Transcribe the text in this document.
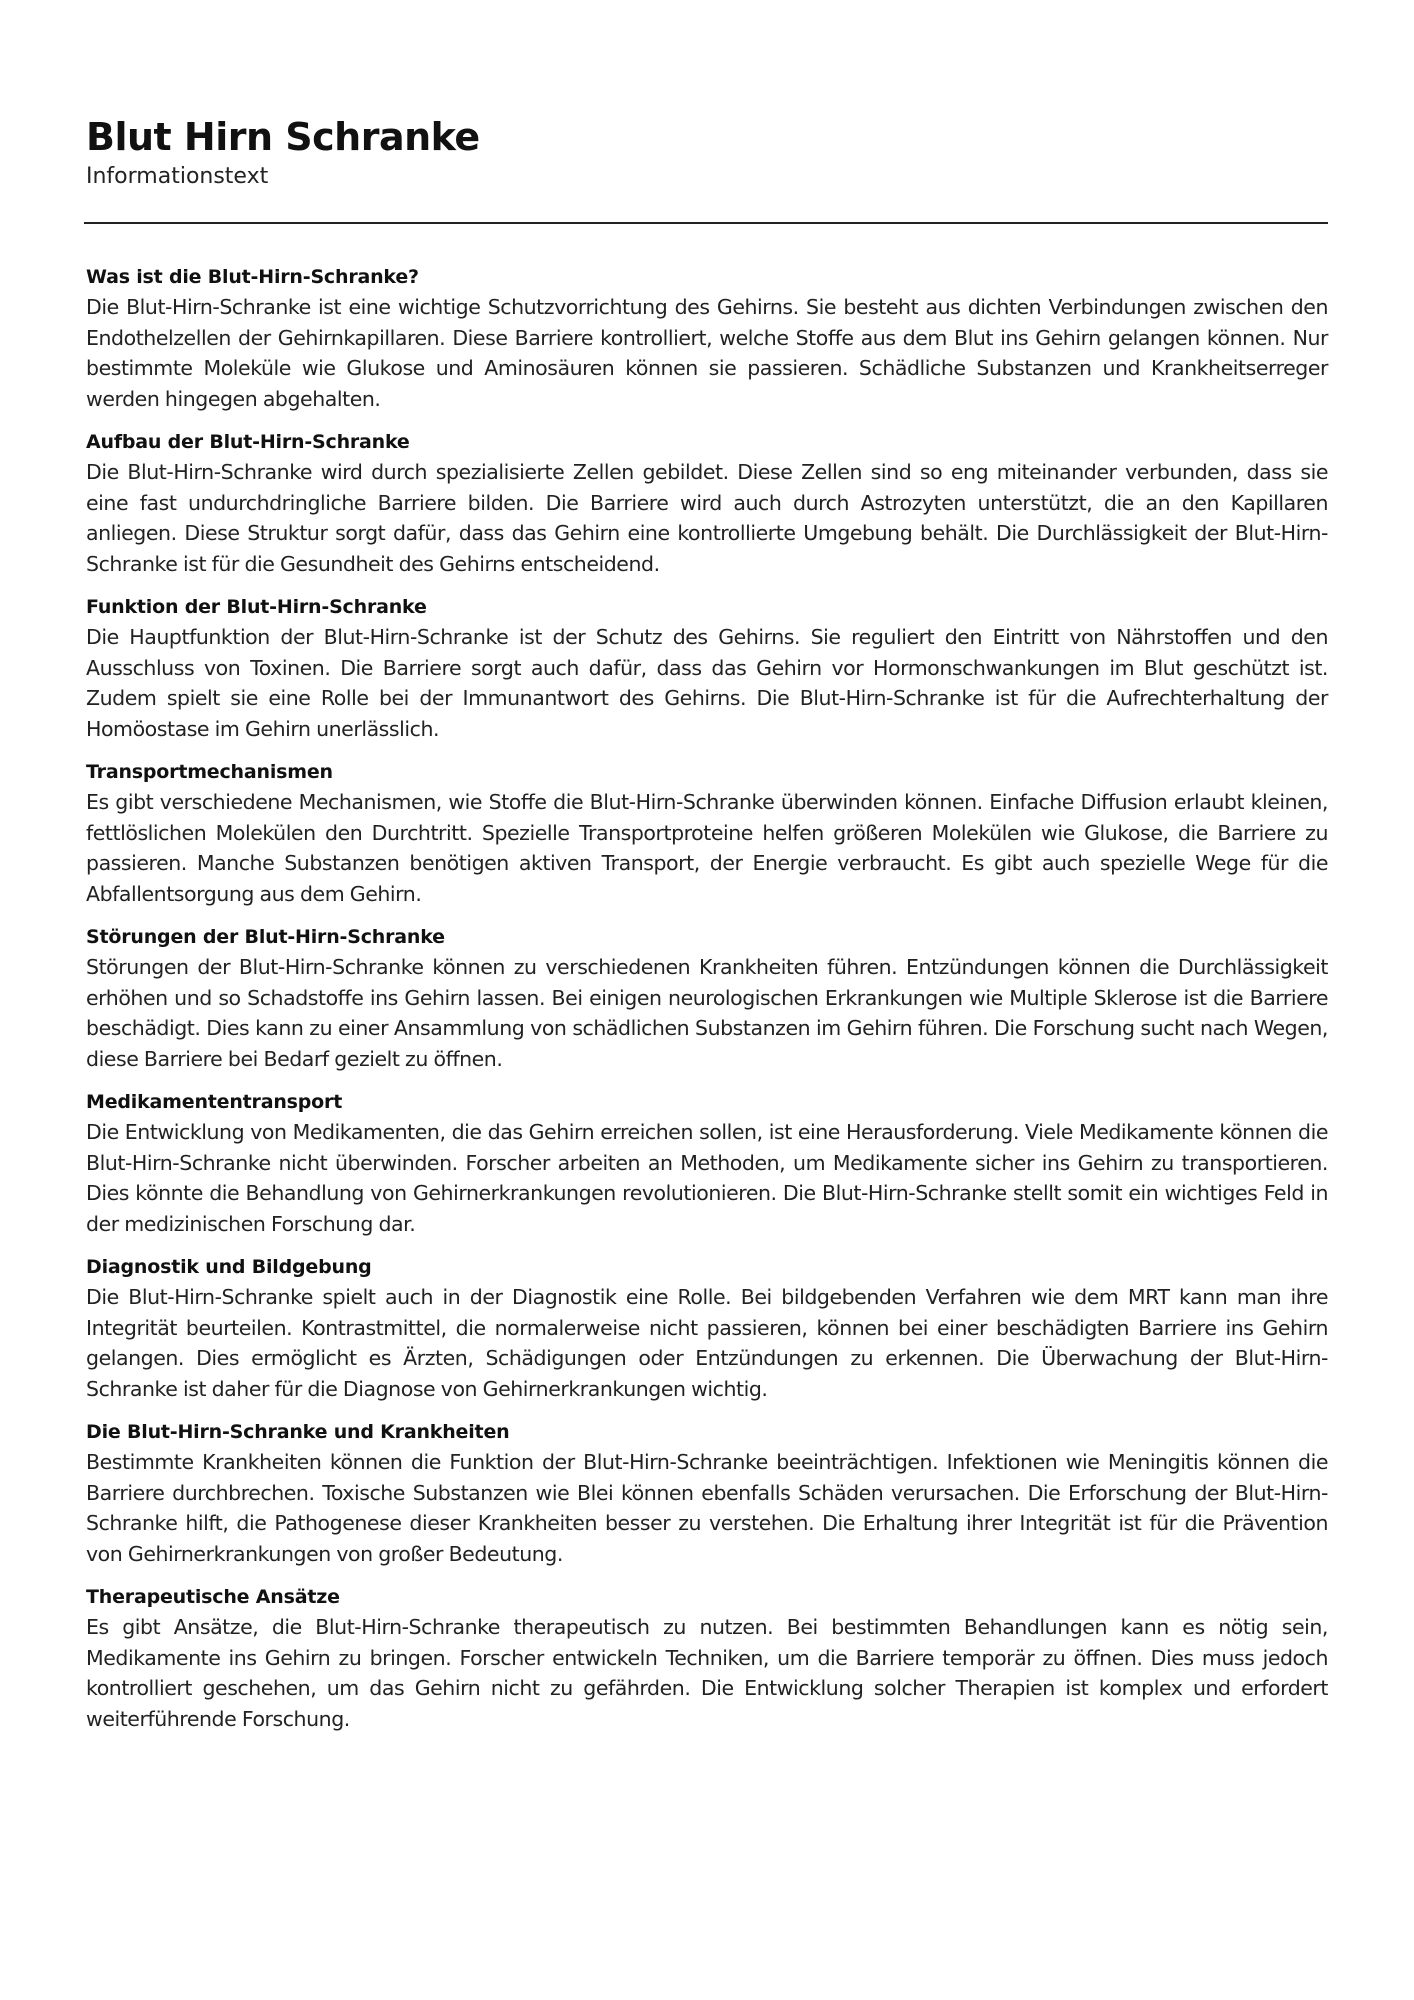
Blut Hirn Schranke
Informationstext
Was ist die Blut-Hirn-Schranke?

Die Blut-Hirn-Schranke ist eine wichtige Schutzvorrichtung des Gehirns. Sie besteht aus dichten Verbindungen zwischen den Endothelzellen der Gehirnkapillaren. Diese Barriere kontrolliert, welche Stoffe aus dem Blut ins Gehirn gelangen können. Nur bestimmte Moleküle wie Glukose und Aminosäuren können sie passieren. Schädliche Substanzen und Krankheitserreger werden hingegen abgehalten.

Aufbau der Blut-Hirn-Schranke

Die Blut-Hirn-Schranke wird durch spezialisierte Zellen gebildet. Diese Zellen sind so eng miteinander verbunden, dass sie eine fast undurchdringliche Barriere bilden. Die Barriere wird auch durch Astrozyten unterstützt, die an den Kapillaren anliegen. Diese Struktur sorgt dafür, dass das Gehirn eine kontrollierte Umgebung behält. Die Durchlässigkeit der Blut-Hirn-Schranke ist für die Gesundheit des Gehirns entscheidend.

Funktion der Blut-Hirn-Schranke

Die Hauptfunktion der Blut-Hirn-Schranke ist der Schutz des Gehirns. Sie reguliert den Eintritt von Nährstoffen und den Ausschluss von Toxinen. Die Barriere sorgt auch dafür, dass das Gehirn vor Hormonschwankungen im Blut geschützt ist. Zudem spielt sie eine Rolle bei der Immunantwort des Gehirns. Die Blut-Hirn-Schranke ist für die Aufrechterhaltung der Homöostase im Gehirn unerlässlich.

Transportmechanismen

Es gibt verschiedene Mechanismen, wie Stoffe die Blut-Hirn-Schranke überwinden können. Einfache Diffusion erlaubt kleinen, fettlöslichen Molekülen den Durchtritt. Spezielle Transportproteine helfen größeren Molekülen wie Glukose, die Barriere zu passieren. Manche Substanzen benötigen aktiven Transport, der Energie verbraucht. Es gibt auch spezielle Wege für die Abfallentsorgung aus dem Gehirn.

Störungen der Blut-Hirn-Schranke

Störungen der Blut-Hirn-Schranke können zu verschiedenen Krankheiten führen. Entzündungen können die Durchlässigkeit erhöhen und so Schadstoffe ins Gehirn lassen. Bei einigen neurologischen Erkrankungen wie Multiple Sklerose ist die Barriere beschädigt. Dies kann zu einer Ansammlung von schädlichen Substanzen im Gehirn führen. Die Forschung sucht nach Wegen, diese Barriere bei Bedarf gezielt zu öffnen.

Medikamententransport

Die Entwicklung von Medikamenten, die das Gehirn erreichen sollen, ist eine Herausforderung. Viele Medikamente können die Blut-Hirn-Schranke nicht überwinden. Forscher arbeiten an Methoden, um Medikamente sicher ins Gehirn zu transportieren. Dies könnte die Behandlung von Gehirnerkrankungen revolutionieren. Die Blut-Hirn-Schranke stellt somit ein wichtiges Feld in der medizinischen Forschung dar.

Diagnostik und Bildgebung

Die Blut-Hirn-Schranke spielt auch in der Diagnostik eine Rolle. Bei bildgebenden Verfahren wie dem MRT kann man ihre Integrität beurteilen. Kontrastmittel, die normalerweise nicht passieren, können bei einer beschädigten Barriere ins Gehirn gelangen. Dies ermöglicht es Ärzten, Schädigungen oder Entzündungen zu erkennen. Die Überwachung der Blut-Hirn-Schranke ist daher für die Diagnose von Gehirnerkrankungen wichtig.

Die Blut-Hirn-Schranke und Krankheiten

Bestimmte Krankheiten können die Funktion der Blut-Hirn-Schranke beeinträchtigen. Infektionen wie Meningitis können die Barriere durchbrechen. Toxische Substanzen wie Blei können ebenfalls Schäden verursachen. Die Erforschung der Blut-Hirn-Schranke hilft, die Pathogenese dieser Krankheiten besser zu verstehen. Die Erhaltung ihrer Integrität ist für die Prävention von Gehirnerkrankungen von großer Bedeutung.

Therapeutische Ansätze

Es gibt Ansätze, die Blut-Hirn-Schranke therapeutisch zu nutzen. Bei bestimmten Behandlungen kann es nötig sein, Medikamente ins Gehirn zu bringen. Forscher entwickeln Techniken, um die Barriere temporär zu öffnen. Dies muss jedoch kontrolliert geschehen, um das Gehirn nicht zu gefährden. Die Entwicklung solcher Therapien ist komplex und erfordert weiterführende Forschung.
